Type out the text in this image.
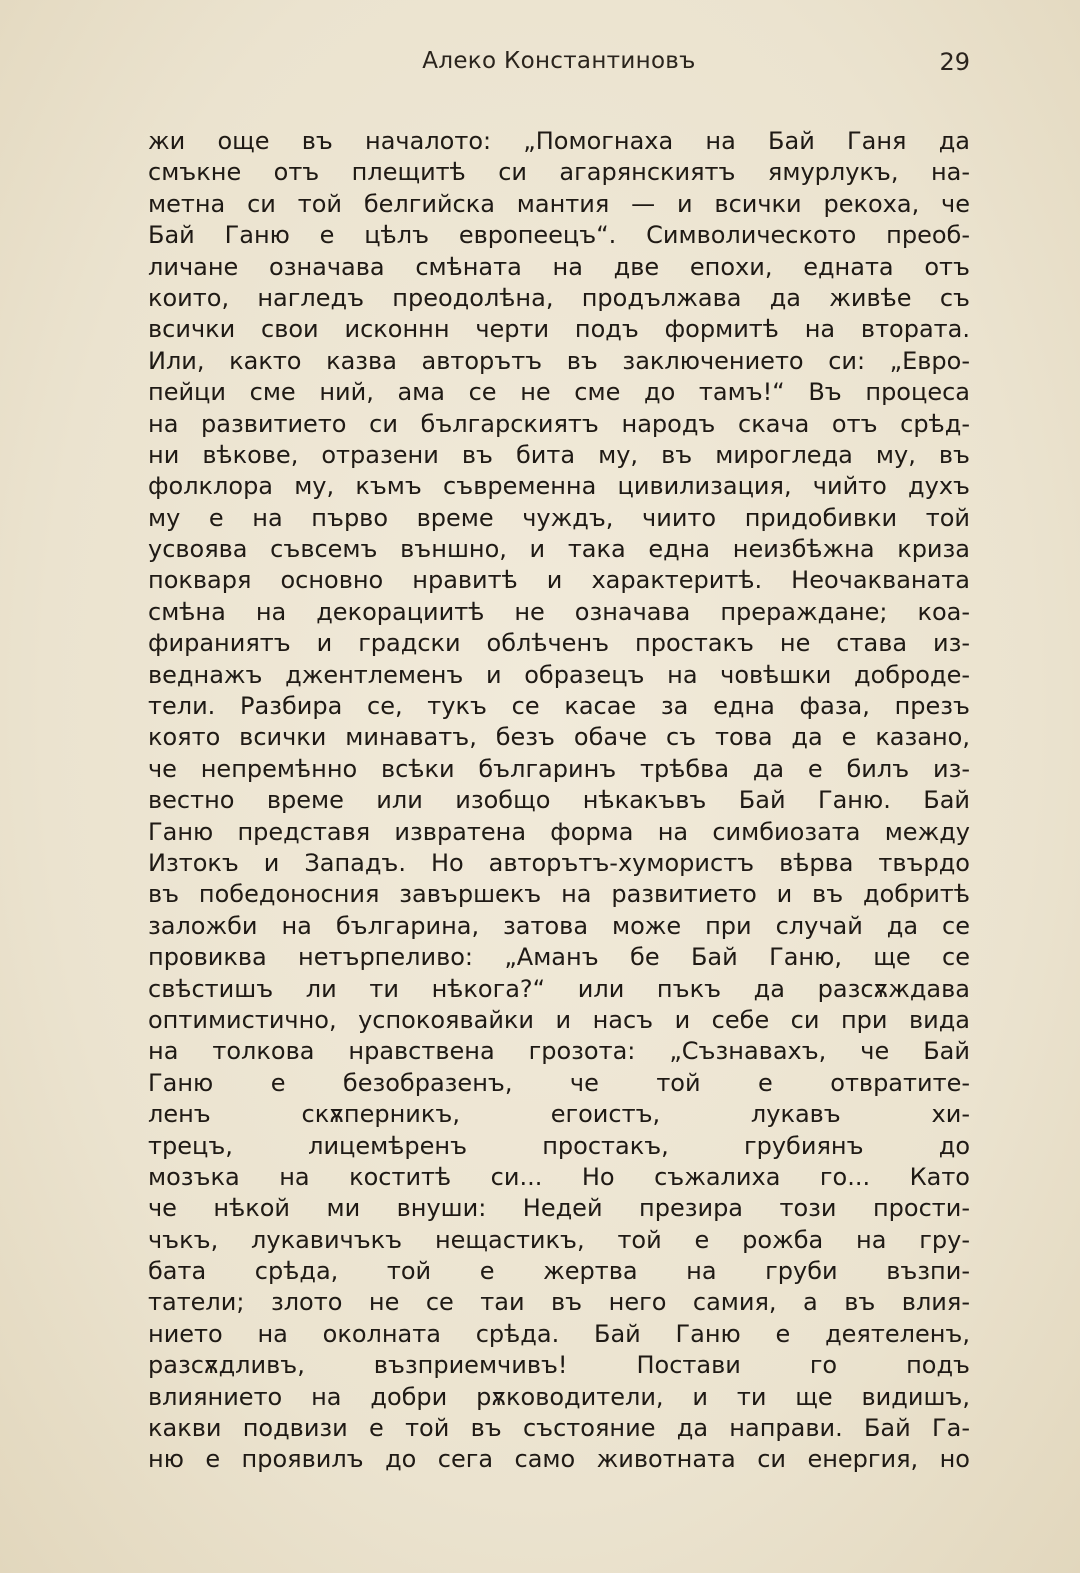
Алеко Константиновъ	29
жи още въ началото: „Помогнаха на Бай Ганя да
смъкне отъ плещитѣ си агарянскиятъ ямурлукъ, на-
метна си той белгийска мантия — и всички рекоха, че
Бай Ганю е цѣлъ европеецъ“. Символическото преоб-
личане означава смѣната на две епохи, едната отъ
които, нагледъ преодолѣна, продължава да живѣе съ
всички свои исконнн черти подъ формитѣ на втората.
Или, както казва авторътъ въ заключението си: „Евро-
пейци сме ний, ама се не сме до тамъ!“ Въ процеса
на развитието си българскиятъ народъ скача отъ срѣд-
ни вѣкове, отразени въ бита му, въ мирогледа му, въ
фолклора му, къмъ съвременна цивилизация, чийто духъ
му е на първо време чуждъ, чиито придобивки той
усвоява съвсемъ външно, и така една неизбѣжна криза
покваря основно нравитѣ и характеритѣ. Неочакваната
смѣна на декорациитѣ не означава прераждане; коа-
фираниятъ и градски облѣченъ простакъ не става из-
веднажъ джентлеменъ и образецъ на човѣшки доброде-
тели. Разбира се, тукъ се касае за една фаза, презъ
която всички минаватъ, безъ обаче съ това да е казано,
че непремѣнно всѣки българинъ трѣбва да е билъ из-
вестно време или изобщо нѣкакъвъ Бай Ганю. Бай
Ганю представя извратена форма на симбиозата между
Изтокъ и Западъ. Но авторътъ-хумористъ вѣрва твърдо
въ победоносния завършекъ на развитието и въ добритѣ
заложби на българина, затова може при случай да се
провиква нетърпеливо: „Аманъ бе Бай Ганю, ще се
свѣстишъ ли ти нѣкога?“ или пъкъ да разсѫждава
оптимистично, успокоявайки и насъ и себе си при вида
на толкова нравствена грозота: „Съзнавахъ, че Бай
Ганю е безобразенъ, че той е отвратите-
ленъ скѫперникъ, егоистъ, лукавъ хи-
трецъ, лицемѣренъ простакъ, грубиянъ до
мозъка на коститѣ си... Но съжалиха го... Като
че нѣкой ми внуши: Недей презира този прости-
чъкъ, лукавичъкъ нещастикъ, той е рожба на гру-
бата срѣда, той е жертва на груби възпи-
татели; злото не се таи въ него самия, а въ влия-
нието на околната срѣда. Бай Ганю е деятеленъ,
разсѫдливъ, възприемчивъ! Постави го подъ
влиянието на добри рѫководители, и ти ще видишъ,
какви подвизи е той въ състояние да направи. Бай Га-
ню е проявилъ до сега само животната си енергия, но
